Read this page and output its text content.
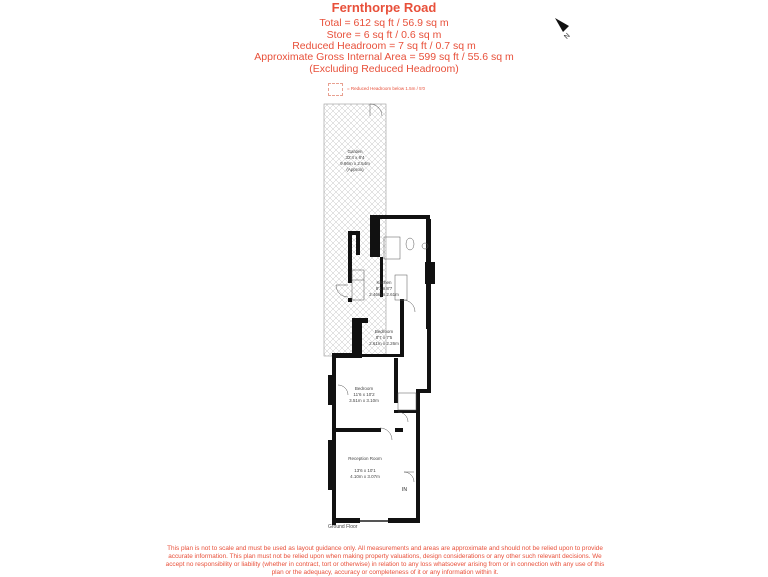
Fernthorpe Road
Total = 612 sq ft / 56.9 sq m
Store = 6 sq ft / 0.6 sq m
Reduced Headroom = 7 sq ft / 0.7 sq m
Approximate Gross Internal Area = 599 sq ft / 55.6 sq m
(Excluding Reduced Headroom)
= Reduced Headroom below 1.5m / 5'0
N
Garden
32'4 x 8'4
9.86m x 2.54m
(Approx)
Kitchen
8'1 x 8'7
2.46m x 2.61m
Bedroom
8'7 x 7'5
2.61m x 2.26m
Bedroom
11'6 x 10'2
3.51m x 3.10m
Reception Room
13'6 x 10'1
4.10m x 3.07m
IN
Ground Floor
This plan is not to scale and must be used as layout guidance only. All measurements and areas are approximate and should not be relied upon to provide accurate information. This plan must not be relied upon when making property valuations, design considerations or any other such relevant decisions. We accept no responsibility or liability (whether in contract, tort or otherwise) in relation to any loss whatsoever arising from or in connection with any use of this plan or the adequacy, accuracy or completeness of it or any information within it.
